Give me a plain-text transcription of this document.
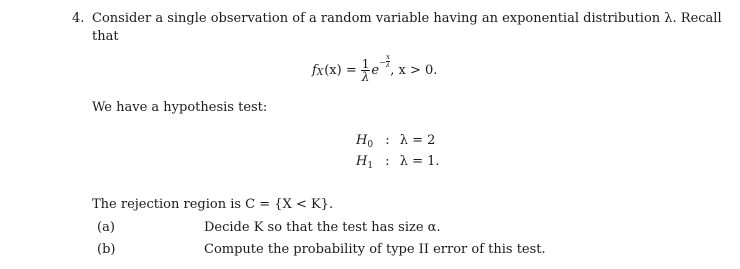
4. Consider a single observation of a random variable having an exponential distribution λ. Recall
that
f X $(x) = \frac{1}{\lambda}$ $e - \frac{x}{\lambda}$
, x > 0.
We have a hypothesis test:
$H_0$ : λ = 2
$H_1$ : λ = 1.
The rejection region is C = {X < K}.
(a)	Decide K so that the test has size α.
(b)	Compute the probability of type II error of this test.
